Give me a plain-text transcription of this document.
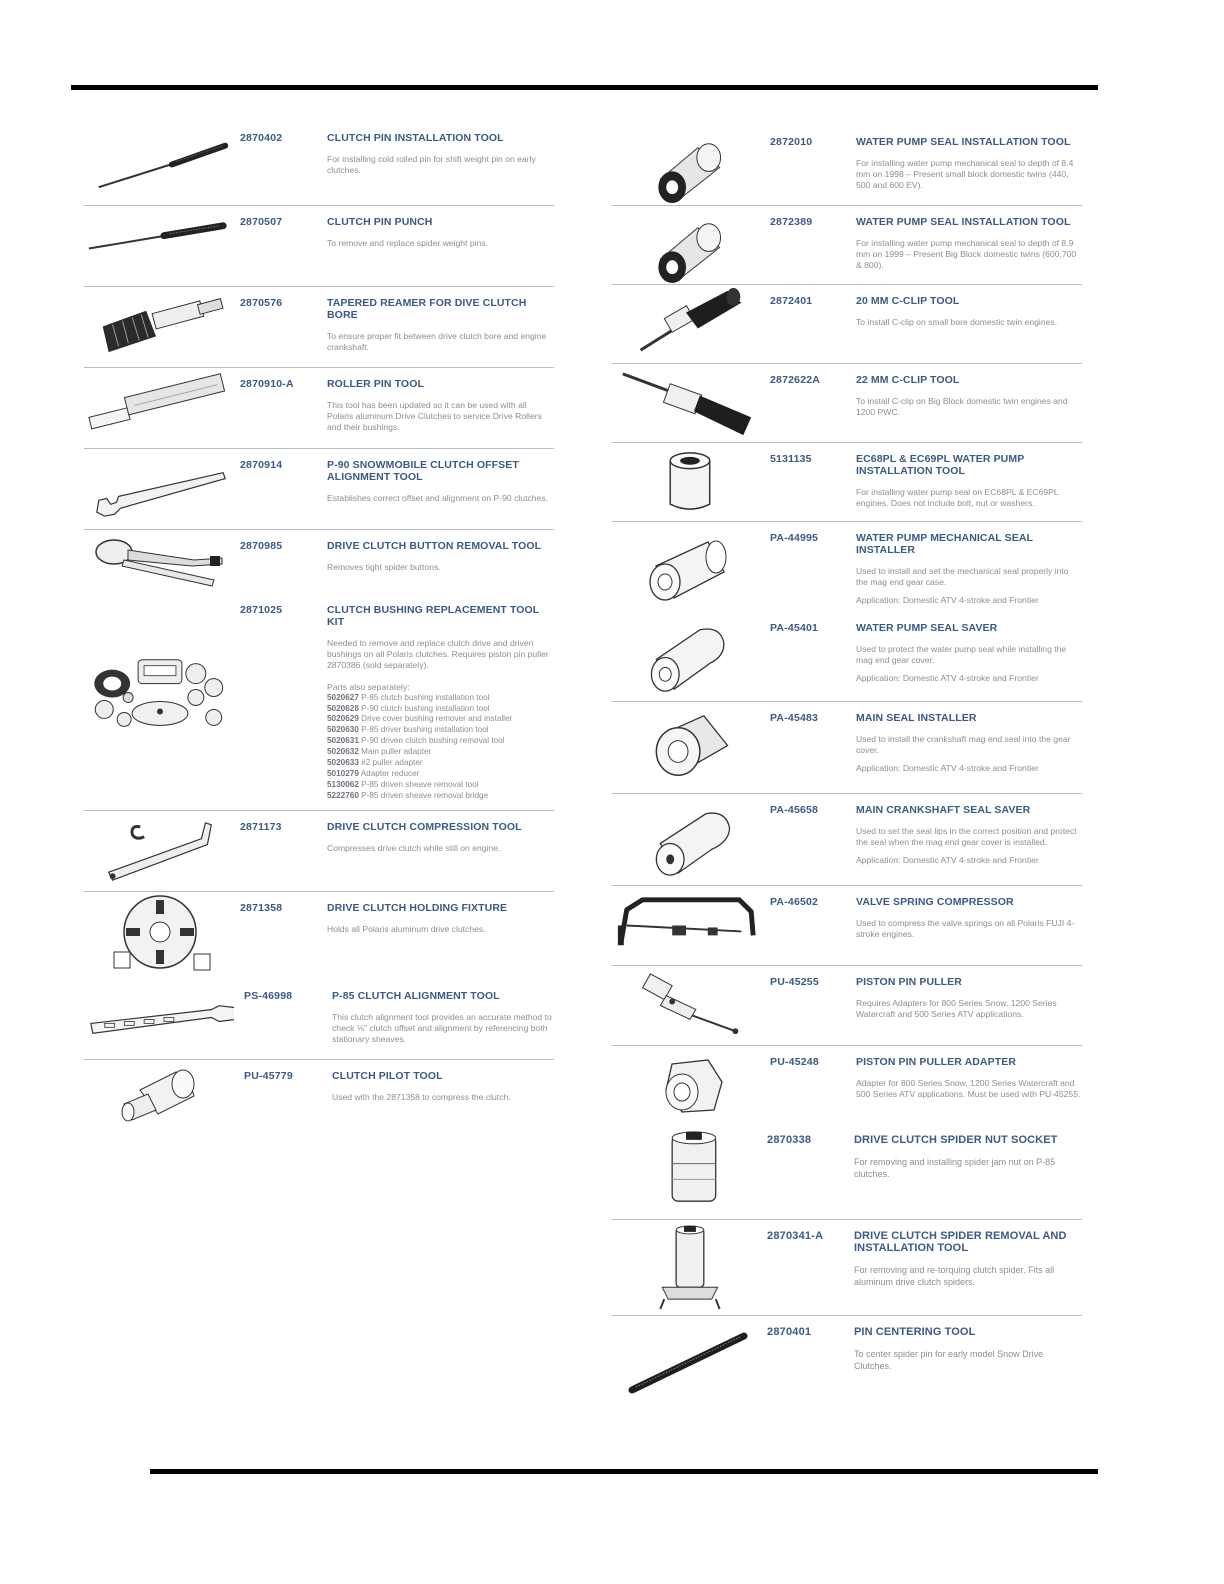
2870402	CLUTCH PIN INSTALLATION TOOL

For installing cold rolled pin for shift weight pin on early clutches.

2870507	CLUTCH PIN PUNCH

To remove and replace spider weight pins.

2870576	TAPERED REAMER FOR DIVE CLUTCH BORE

To ensure proper fit between drive clutch bore and engine crankshaft.

2870910-A	ROLLER PIN TOOL

This tool has been updated so it can be used with all Polaris aluminum Drive Clutches to service Drive Rollers and their bushings.

2870914	P-90 SNOWMOBILE CLUTCH OFFSET ALIGNMENT TOOL

Establishes correct offset and alignment on P-90 clutches.

2870985	DRIVE CLUTCH BUTTON REMOVAL TOOL

Removes tight spider buttons.

2871025	CLUTCH BUSHING REPLACEMENT TOOL KIT

Needed to remove and replace clutch drive and driven bushings on all Polaris clutches. Requires piston pin puller 2870386 (sold separately).

Parts also separately:
5020627 P-85 clutch bushing installation tool
5020628 P-90 clutch bushing installation tool
5020629 Drive cover bushing remover and installer
5020630 P-85 driver bushing installation tool
5020631 P-90 driven clutch bushing removal tool
5020632 Main puller adapter
5020633 #2 puller adapter
5010279 Adapter reducer
5130062 P-85 driven sheave removal tool
5222760 P-85 driven sheave removal bridge
2871173	DRIVE CLUTCH COMPRESSION TOOL

Compresses drive clutch while still on engine.

2871358	DRIVE CLUTCH HOLDING FIXTURE

Holds all Polaris aluminum drive clutches.

PS-46998	P-85 CLUTCH ALIGNMENT TOOL

This clutch alignment tool provides an accurate method to check ⅛" clutch offset and alignment by referencing both stationary sheaves.

PU-45779	CLUTCH PILOT TOOL

Used with the 2871358 to compress the clutch.

2872010	WATER PUMP SEAL INSTALLATION TOOL

For installing water pump mechanical seal to depth of 8.4 mm on 1998 – Present small block domestic twins (440, 500 and 600 EV).

2872389	WATER PUMP SEAL INSTALLATION TOOL

For installing water pump mechanical seal to depth of 8.9 mm on 1999 – Present Big Block domestic twins (600,700 & 800).

2872401	20 MM C-CLIP TOOL

To install C-clip on small bore domestic twin engines.

2872622A	22 MM C-CLIP TOOL

To install C-clip on Big Block domestic twin engines and 1200 PWC.

5131135	EC68PL & EC69PL WATER PUMP INSTALLATION TOOL

For installing water pump seal on EC68PL & EC69PL engines. Does not include bolt, nut or washers.

PA-44995	WATER PUMP MECHANICAL SEAL INSTALLER

Used to install and set the mechanical seal properly into the mag end gear case.

Application: Domestic ATV 4-stroke and Frontier

PA-45401	WATER PUMP SEAL SAVER

Used to protect the water pump seal while installing the mag end gear cover.

Application: Domestic ATV 4-stroke and Frontier

PA-45483	MAIN SEAL INSTALLER

Used to install the crankshaft mag end seal into the gear cover.

Application: Domestic ATV 4-stroke and Frontier

PA-45658	MAIN CRANKSHAFT SEAL SAVER

Used to set the seal lips in the correct position and protect the seal when the mag end gear cover is installed.

Application: Domestic ATV 4-stroke and Frontier

PA-46502	VALVE SPRING COMPRESSOR

Used to compress the valve springs on all Polaris FUJI 4-stroke engines.

PU-45255	PISTON PIN PULLER

Requires Adapters for 800 Series Snow, 1200 Series Watercraft and 500 Series ATV applications.

PU-45248	PISTON PIN PULLER ADAPTER

Adapter for 800 Series Snow, 1200 Series Watercraft and 500 Series ATV applications. Must be used with PU-45255.

2870338	DRIVE CLUTCH SPIDER NUT SOCKET

For removing and installing spider jam nut on P-85 clutches.

2870341-A	DRIVE CLUTCH SPIDER REMOVAL AND INSTALLATION TOOL

For removing and re-torquing clutch spider. Fits all aluminum drive clutch spiders.

2870401	PIN CENTERING TOOL

To center spider pin for early model Snow Drive Clutches.
